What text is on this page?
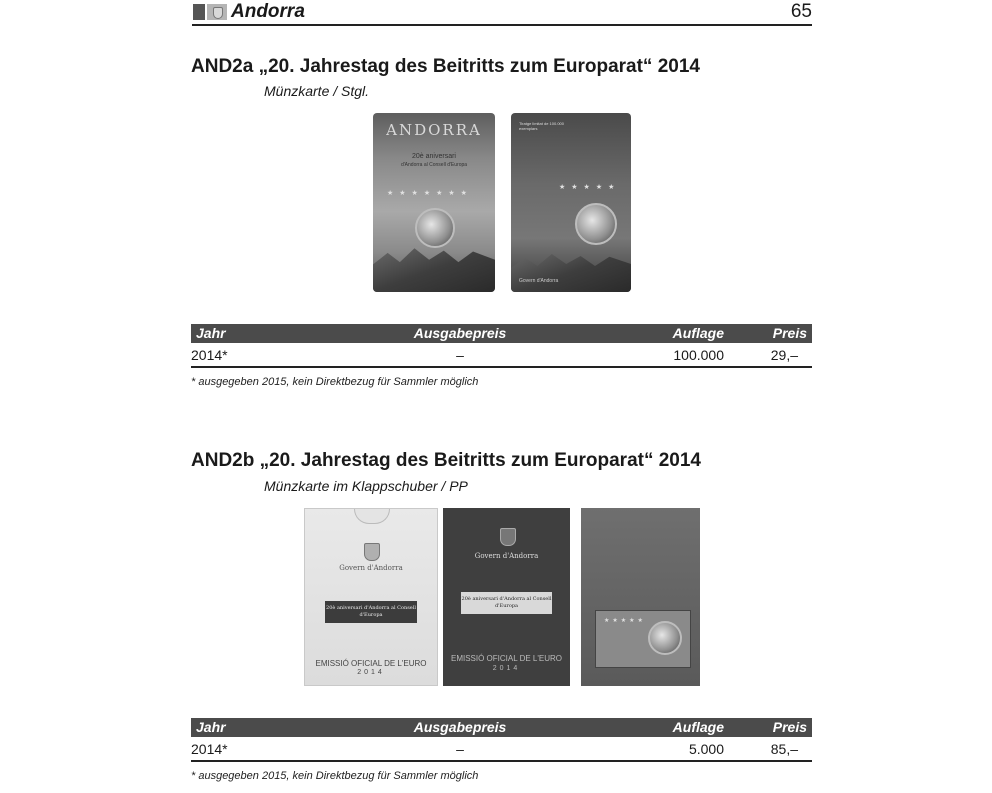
Andorra	65
AND2a „20. Jahrestag des Beitritts zum Europarat“ 2014
Münzkarte / Stgl.
ANDORRA
20è aniversari
d'Andorra al Consell d'Europa
★★★★★★★
Tiratge limitat de 100.000 exemplars
★★★★★
Govern d'Andorra
Jahr	Ausgabepreis	Auflage	Preis
2014*	–	100.000	29,–
* ausgegeben 2015, kein Direktbezug für Sammler möglich
AND2b „20. Jahrestag des Beitritts zum Europarat“ 2014
Münzkarte im Klappschuber / PP
Govern d'Andorra
20è aniversari d'Andorra al Consell d'Europa
EMISSIÓ OFICIAL DE L'EURO
2014
Govern d'Andorra
20è aniversari d'Andorra al Consell d'Europa
EMISSIÓ OFICIAL DE L'EURO
2014
★★★★★
Jahr	Ausgabepreis	Auflage	Preis
2014*	–	5.000	85,–
* ausgegeben 2015, kein Direktbezug für Sammler möglich
